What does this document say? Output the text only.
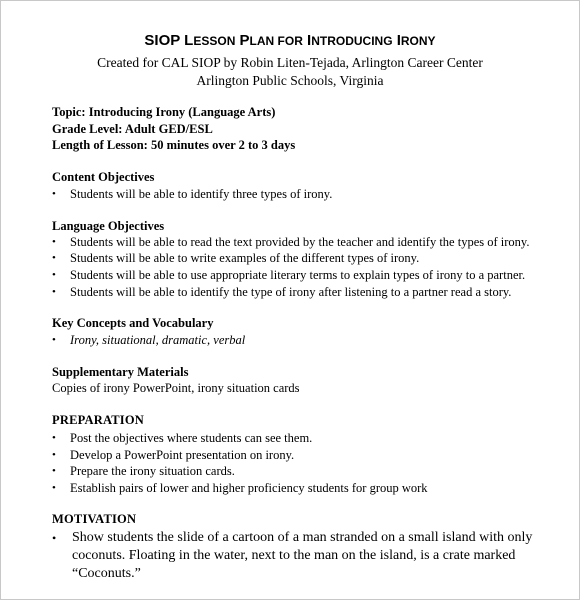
SIOP LESSON PLAN FOR INTRODUCING IRONY
Created for CAL SIOP by Robin Liten-Tejada, Arlington Career Center
Arlington Public Schools, Virginia
Topic: Introducing Irony (Language Arts)
Grade Level: Adult GED/ESL
Length of Lesson: 50 minutes over 2 to 3 days
Content Objectives
•	Students will be able to identify three types of irony.
Language Objectives
•	Students will be able to read the text provided by the teacher and identify the types of irony.
•	Students will be able to write examples of the different types of irony.
•	Students will be able to use appropriate literary terms to explain types of irony to a partner.
•	Students will be able to identify the type of irony after listening to a partner read a story.
Key Concepts and Vocabulary
•	Irony, situational, dramatic, verbal
Supplementary Materials
Copies of irony PowerPoint, irony situation cards
PREPARATION
•	Post the objectives where students can see them.
•	Develop a PowerPoint presentation on irony.
•	Prepare the irony situation cards.
•	Establish pairs of lower and higher proficiency students for group work
MOTIVATION
•	Show students the slide of a cartoon of a man stranded on a small island with only
coconuts. Floating in the water, next to the man on the island, is a crate marked
“Coconuts.”
